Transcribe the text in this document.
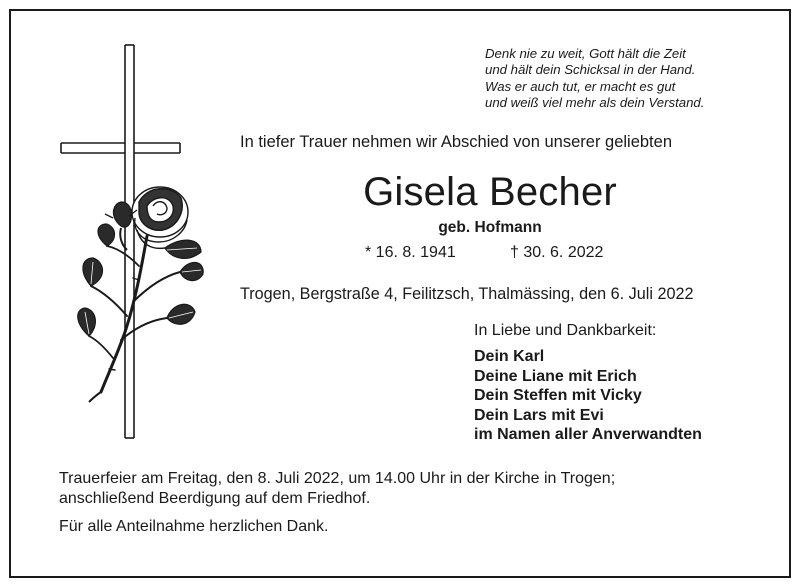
Denk nie zu weit, Gott hält die Zeit
und hält dein Schicksal in der Hand.
Was er auch tut, er macht es gut
und weiß viel mehr als dein Verstand.
In tiefer Trauer nehmen wir Abschied von unserer geliebten
Gisela Becher
geb. Hofmann
* 16. 8. 1941	† 30. 6. 2022
Trogen, Bergstraße 4, Feilitzsch, Thalmässing, den 6. Juli 2022
In Liebe und Dankbarkeit:
Dein Karl
Deine Liane mit Erich
Dein Steffen mit Vicky
Dein Lars mit Evi
im Namen aller Anverwandten
Trauerfeier am Freitag, den 8. Juli 2022, um 14.00 Uhr in der Kirche in Trogen;
anschließend Beerdigung auf dem Friedhof.
Für alle Anteilnahme herzlichen Dank.
